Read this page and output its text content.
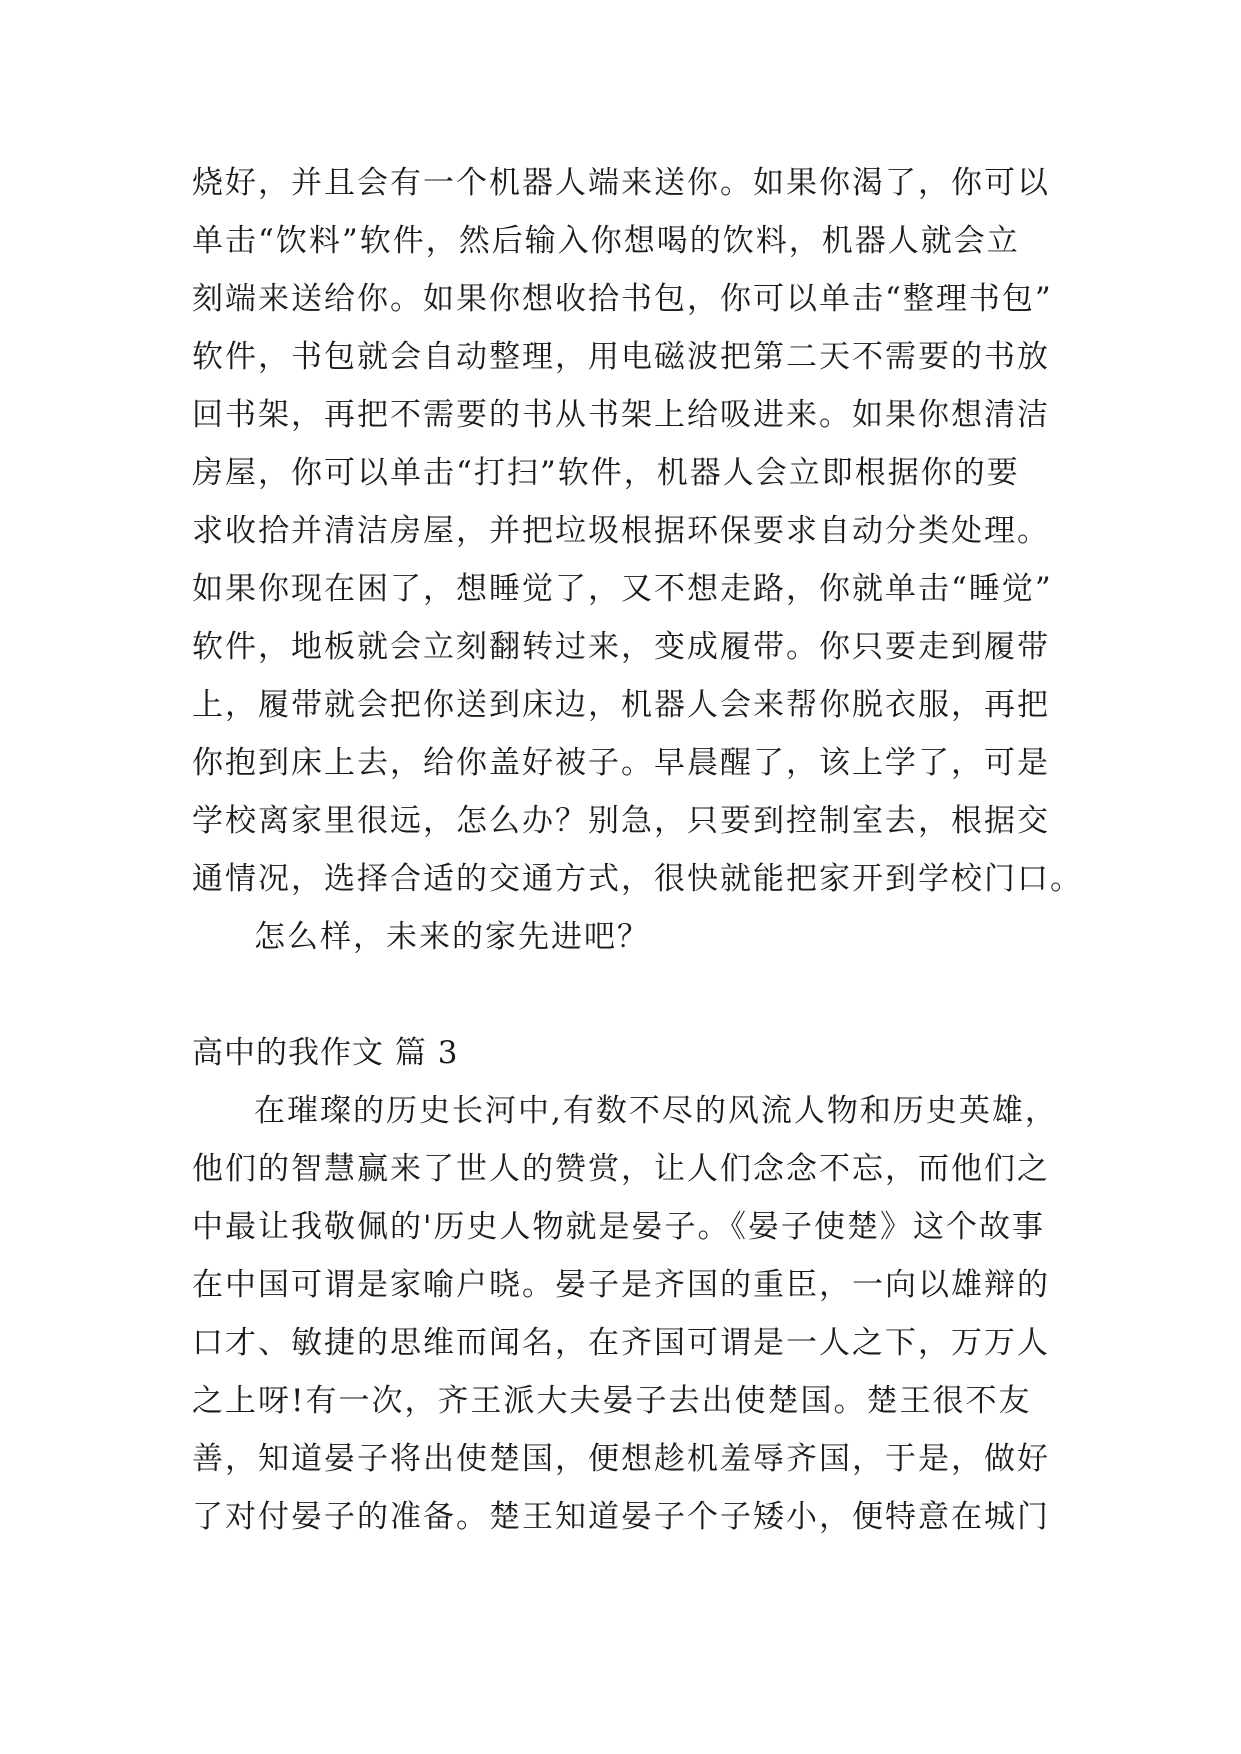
烧好，并且会有一个机器人端来送你。如果你渴了，你可以
单击“饮料”软件，然后输入你想喝的饮料，机器人就会立
刻端来送给你。如果你想收拾书包，你可以单击“整理书包”
软件，书包就会自动整理，用电磁波把第二天不需要的书放
回书架，再把不需要的书从书架上给吸进来。如果你想清洁
房屋，你可以单击“打扫”软件，机器人会立即根据你的要
求收拾并清洁房屋，并把垃圾根据环保要求自动分类处理。
如果你现在困了，想睡觉了，又不想走路，你就单击“睡觉”
软件，地板就会立刻翻转过来，变成履带。你只要走到履带
上，履带就会把你送到床边，机器人会来帮你脱衣服，再把
你抱到床上去，给你盖好被子。早晨醒了，该上学了，可是
学校离家里很远，怎么办？别急，只要到控制室去，根据交
通情况，选择合适的交通方式，很快就能把家开到学校门口。
怎么样，未来的家先进吧？
高中的我作文 篇 3
在璀璨的历史长河中,有数不尽的风流人物和历史英雄，
他们的智慧赢来了世人的赞赏，让人们念念不忘，而他们之
中最让我敬佩的'历史人物就是晏子。《晏子使楚》这个故事
在中国可谓是家喻户晓。晏子是齐国的重臣，一向以雄辩的
口才、敏捷的思维而闻名，在齐国可谓是一人之下，万万人
之上呀!有一次，齐王派大夫晏子去出使楚国。楚王很不友
善，知道晏子将出使楚国，便想趁机羞辱齐国，于是，做好
了对付晏子的准备。楚王知道晏子个子矮小，便特意在城门
